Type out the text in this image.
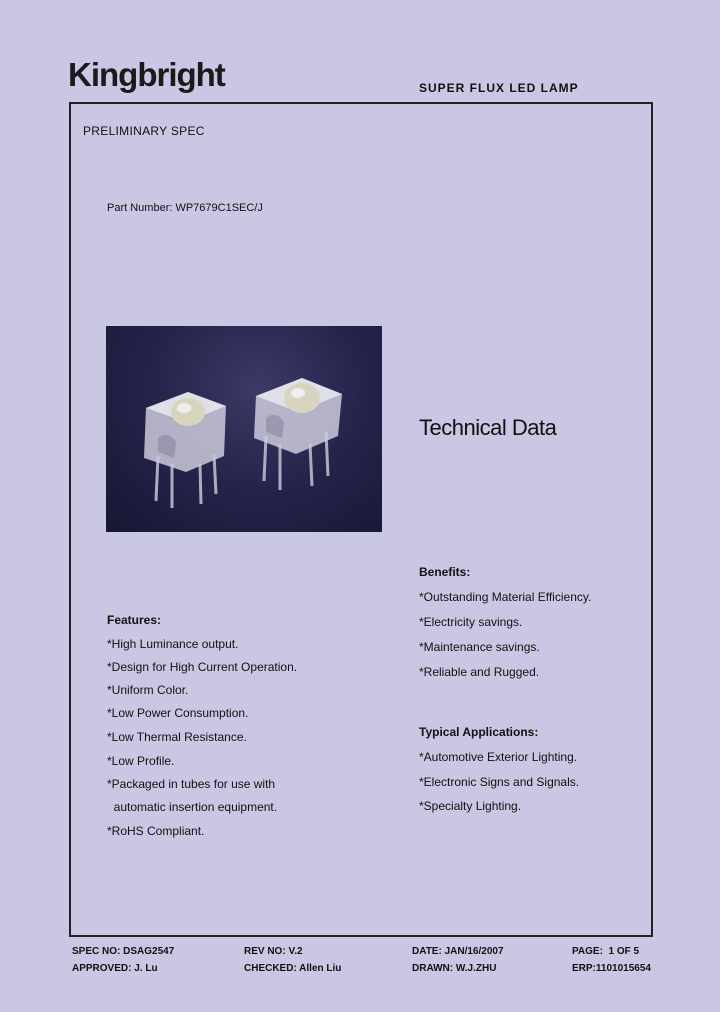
Kingbright	SUPER FLUX LED LAMP
PRELIMINARY SPEC
Part Number: WP7679C1SEC/J
Technical Data
Benefits:
*Outstanding Material Efficiency.
*Electricity savings.
*Maintenance savings.
*Reliable and Rugged.
Typical Applications:
*Automotive Exterior Lighting.
*Electronic Signs and Signals.
*Specialty Lighting.
Features:
*High Luminance output.
*Design for High Current Operation.
*Uniform Color.
*Low Power Consumption.
*Low Thermal Resistance.
*Low Profile.
*Packaged in tubes for use with
automatic insertion equipment.
*RoHS Compliant.
SPEC NO: DSAG2547	REV NO: V.2	DATE: JAN/16/2007	PAGE:  1 OF 5
APPROVED: J. Lu	CHECKED: Allen Liu	DRAWN: W.J.ZHU	ERP:1101015654
